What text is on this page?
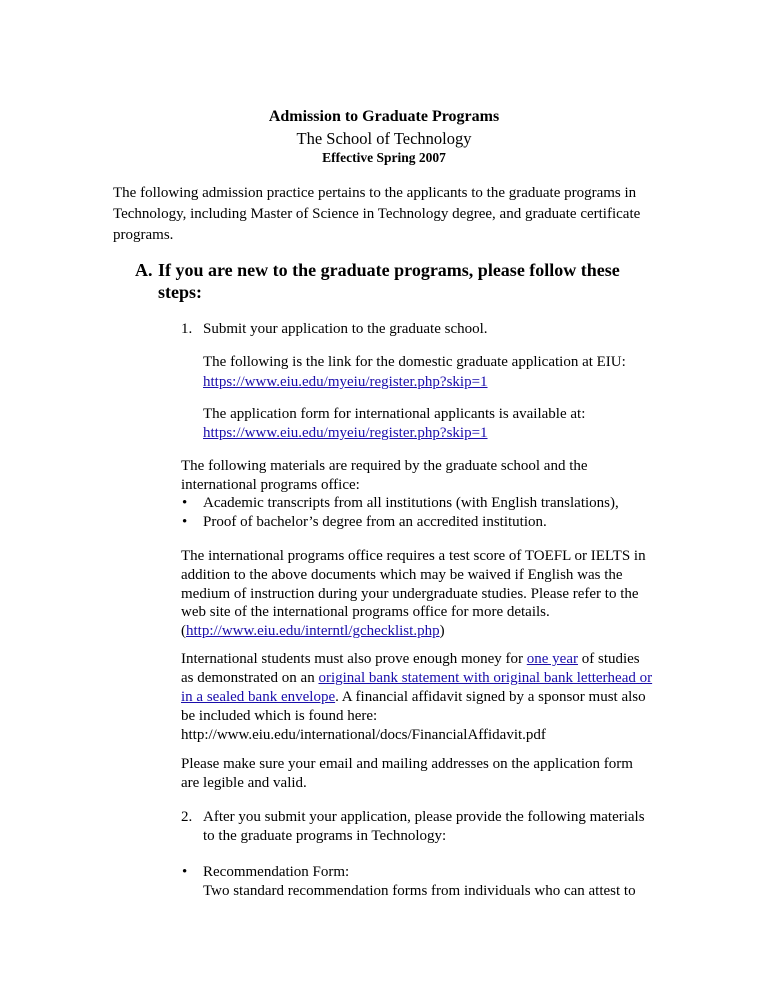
Admission to Graduate Programs
The School of Technology
Effective Spring 2007
The following admission practice pertains to the applicants to the graduate programs in
Technology, including Master of Science in Technology degree, and graduate certificate
programs.
A. If you are new to the graduate programs, please follow these
steps:
1. Submit your application to the graduate school.
The following is the link for the domestic graduate application at EIU:
https://www.eiu.edu/myeiu/register.php?skip=1
The application form for international applicants is available at:
https://www.eiu.edu/myeiu/register.php?skip=1
The following materials are required by the graduate school and the
international programs office:
• Academic transcripts from all institutions (with English translations),
• Proof of bachelor’s degree from an accredited institution.
The international programs office requires a test score of TOEFL or IELTS in
addition to the above documents which may be waived if English was the
medium of instruction during your undergraduate studies. Please refer to the
web site of the international programs office for more details.
(http://www.eiu.edu/interntl/gchecklist.php)
International students must also prove enough money for one year of studies
as demonstrated on an original bank statement with original bank letterhead or
in a sealed bank envelope. A financial affidavit signed by a sponsor must also
be included which is found here:
http://www.eiu.edu/international/docs/FinancialAffidavit.pdf
Please make sure your email and mailing addresses on the application form
are legible and valid.
2. After you submit your application, please provide the following materials
to the graduate programs in Technology:
• Recommendation Form:
Two standard recommendation forms from individuals who can attest to
